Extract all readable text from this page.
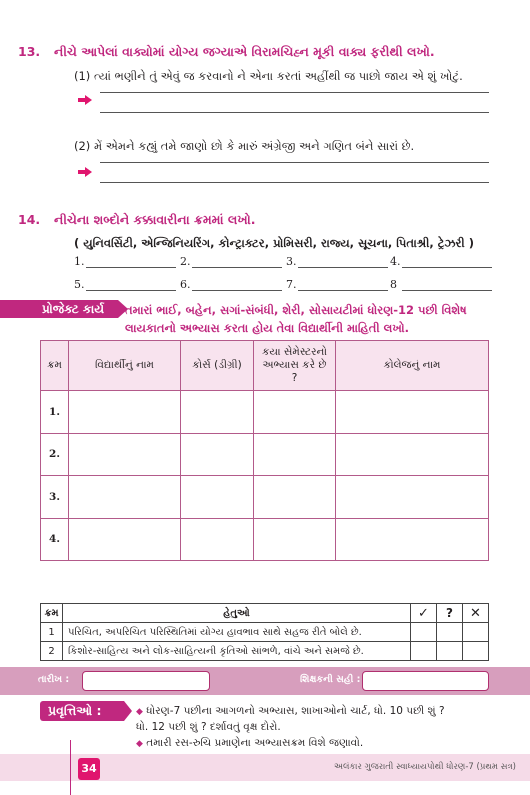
13. નીચે આપેલાં વાક્યોમાં યોગ્ય જગ્યાએ વિરામચિહ્ન મૂકી વાક્ય ફરીથી લખો.
(1) ત્યાં ભણીને તું એવું જ કરવાનો ને એના કરતાં અહીંથી જ પાછો જાય એ શું ખોટું.
(2) મેં એમને કહ્યું તમે જાણો છો કે મારું અંગ્રેજી અને ગણિત બંને સારાં છે.
14. નીચેના શબ્દોને કક્કાવારીના ક્રમમાં લખો.
( યુનિવર્સિટી, એન્જિનિયરિંગ, કોન્ટ્રાક્ટર, પ્રોમિસરી, રાજ્ય, સૂચના, પિતાશ્રી, ટ્રેઝરી )
1.	2.	3.	4.
5.	6.	7.	8
પ્રોજેક્ટ કાર્ય	તમારાં ભાઈ, બહેન, સગાં-સંબંધી, શેરી, સોસાયટીમાં ધોરણ-12 પછી વિશેષ
લાયકાતનો અભ્યાસ કરતા હોય તેવા વિદ્યાર્થીની માહિતી લખો.
ક્રમ	વિદ્યાર્થીનું નામ	કોર્સ (ડીગ્રી)	કયા સેમેસ્ટરનો અભ્યાસ કરે છે ?	કોલેજનું નામ
1.				
2.				
3.				
4.				
ક્રમ	હેતુઓ	✓	?	✕
1	પરિચિત, અપરિચિત પરિસ્થિતિમાં યોગ્ય હાવભાવ સાથે સહજ રીતે બોલે છે.			
2	કિશોર-સાહિત્ય અને લોક-સાહિત્યની કૃતિઓ સાંભળે, વાંચે અને સમજે છે.			
તારીખ :	શિક્ષકની સહી :
પ્રવૃત્તિઓ :	◆ ધોરણ-7 પછીના આગળનો અભ્યાસ, શાખાઓનો ચાર્ટ, ધો. 10 પછી શું ?
ધો. 12 પછી શું ? દર્શાવતું વૃક્ષ દોરો.
◆ તમારી રસ-રુચિ પ્રમાણેના અભ્યાસક્રમ વિશે જણાવો.
34	અલંકાર ગુજરાતી સ્વાધ્યાયપોથી ધોરણ-7 (પ્રથમ સત્ર)
